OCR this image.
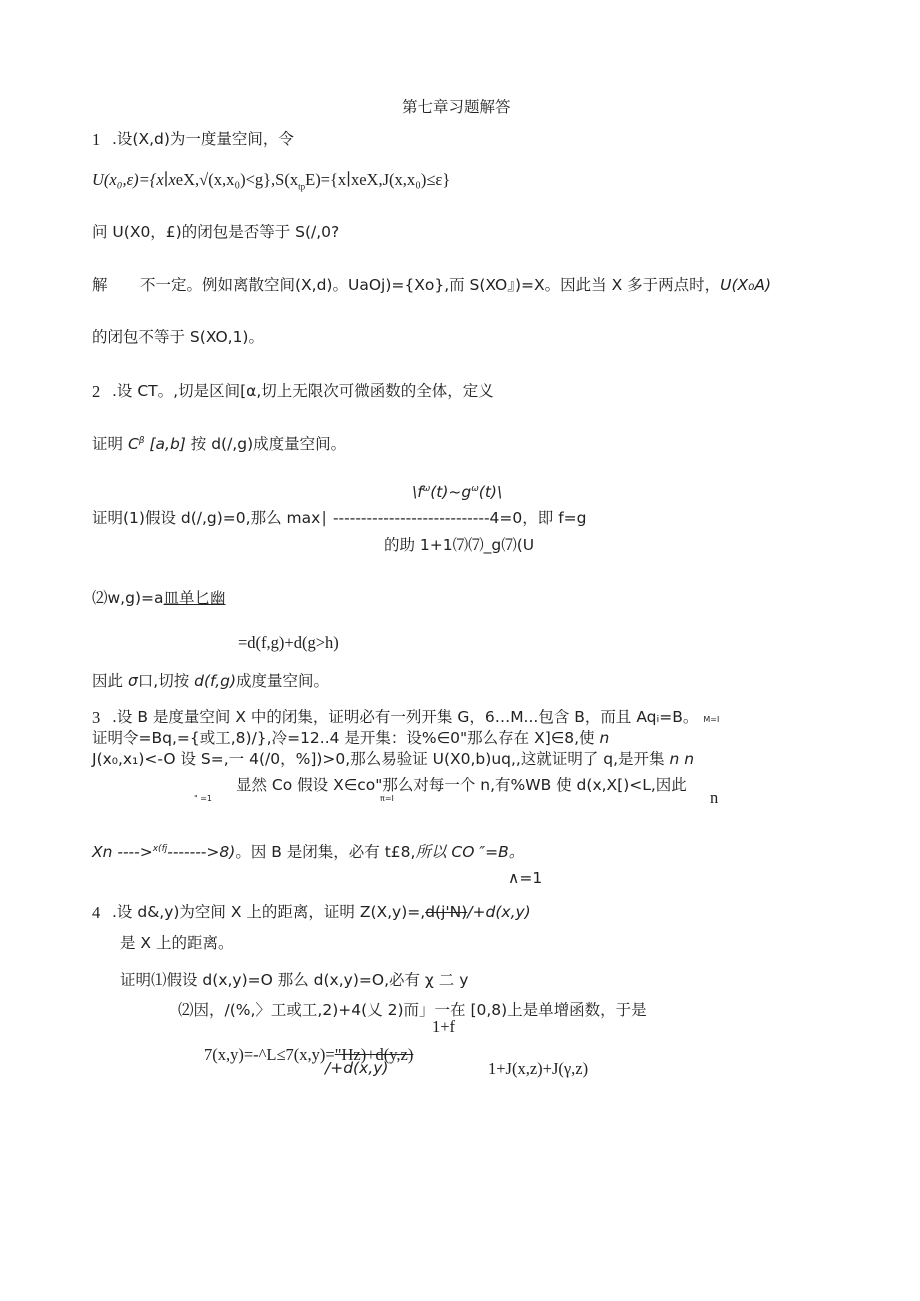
第七章习题解答
1 .设(X,d)为一度量空间，令
$U(x_0,\varepsilon)=\{x∣xeX,√(x,x_0)<g\},S(x_{tp}E)=\{x∣xeX,J(x,x_0)\le\varepsilon\}$
问 U(X0，£)的闭包是否等于 S(∕,0?
解 不一定。例如离散空间(X,d)。UaOj)={Xo},而 S(XO』)=X。因此当 X 多于两点时，U(X₀A)
的闭包不等于 S(XO,1)。
2 .设 CT。,切是区间[α,切上无限次可微函数的全体，定义
证明 $C^\beta$ [a,b] 按 d(∕,g)成度量空间。
$\backslash f^\omega(t)\sim g^\omega(t)\backslash$
证明(1)假设 d(∕,g)=0,那么 max∣ ----------------------------4=0，即 f=g
的助 1+1⑺⑺_g⑺(U
⑵w,g)=a皿单匕幽
=d(f,g)+d(g>h)
因此 σ口,切按 d(f,g)成度量空间。
3 .设 B 是度量空间 X 中的闭集，证明必有一列开集 G，6…M...包含 B，而且 Aqᵢ=B。 M=I
证明令=Bq,={或工,8)/},冷=12..4 是开集：设%∈0"那么存在 X]∈8,使 n
J(x₀,x₁)<-O 设 S=,一 4(∕0，%])>0,那么易验证 U(X0,b)uq,,这就证明了 q,是开集 n n
" =1
显然 Co 假设 X∈co"那么对每一个 n,有%WB 使 d(x,X[)<L,因此
π=I	n
Xn ---->$^{x(fj}$------->8)。因 B 是闭集，必有 t£8,所以 CO ″=B。
∧=1
4 .设 d&,y)为空间 X 上的距离，证明 Z(X,y)=,d(j'N)/+d(x,y)
是 X 上的距离。
证明⑴假设 d(x,y)=O 那么 d(x,y)=O,必有 χ 二 y
⑵因，/(%,〉工或工,2)+4(乂 2)而」一在 [0,8)上是单增函数，于是
1+f
7(x,y)=-^L≤7(x,y)="Hz)+d(y,z)
/+d(x,y)	1+J(x,z)+J(γ,z)
